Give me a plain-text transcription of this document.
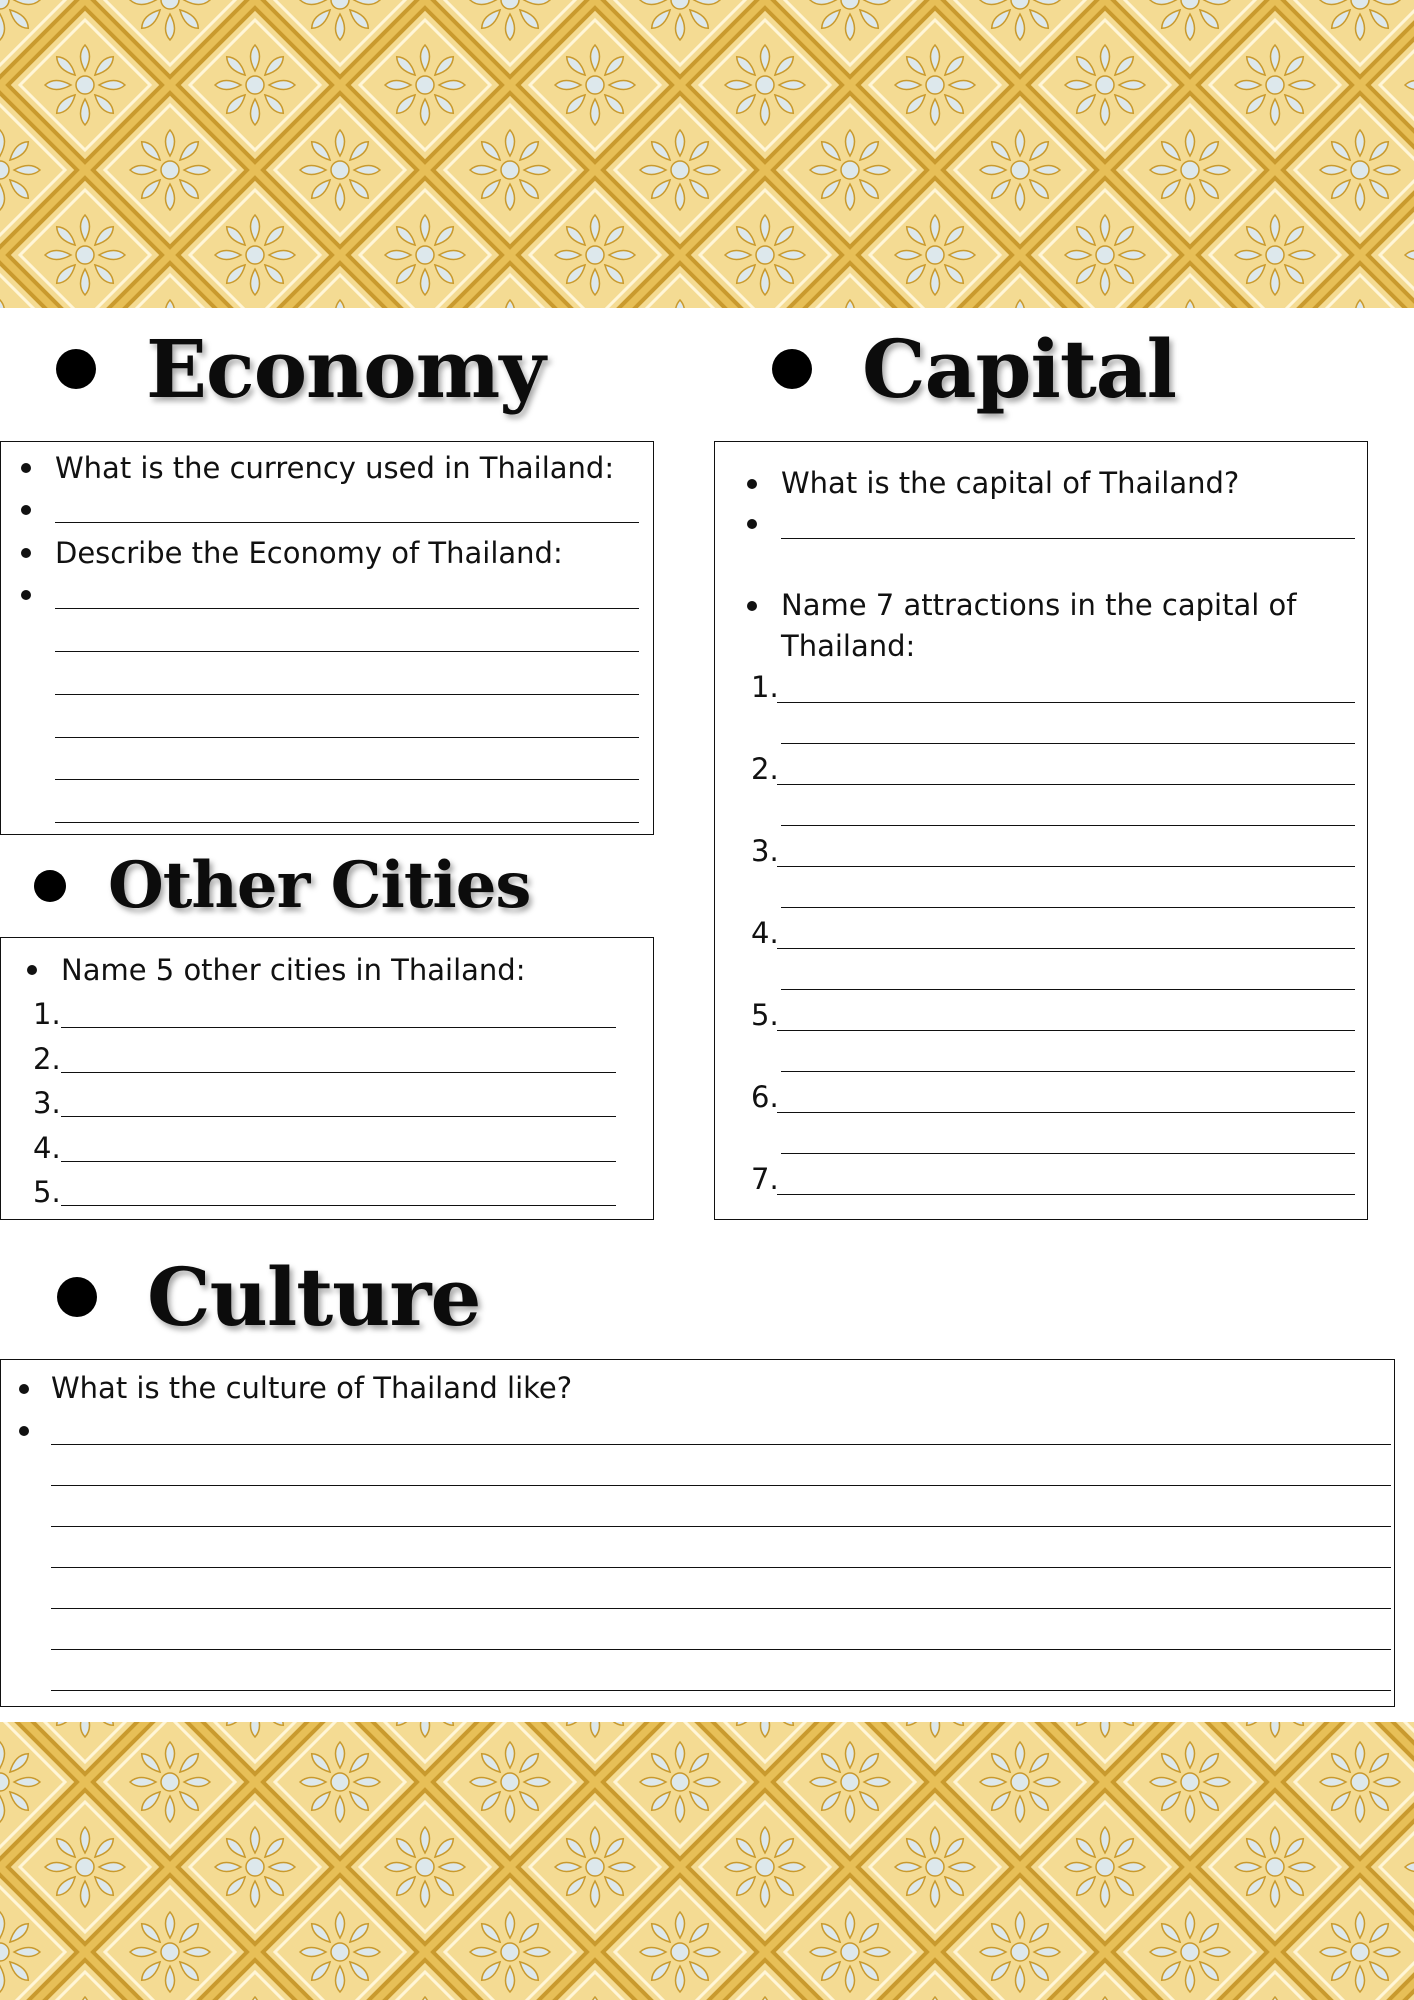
Economy
What is the currency used in Thailand:
Describe the Economy of Thailand:
Capital
What is the capital of Thailand?
Name 7 attractions in the capital of
Thailand:
1.
2.
3.
4.
5.
6.
7.
Other Cities
Name 5 other cities in Thailand:
1.
2.
3.
4.
5.
Culture
What is the culture of Thailand like?
